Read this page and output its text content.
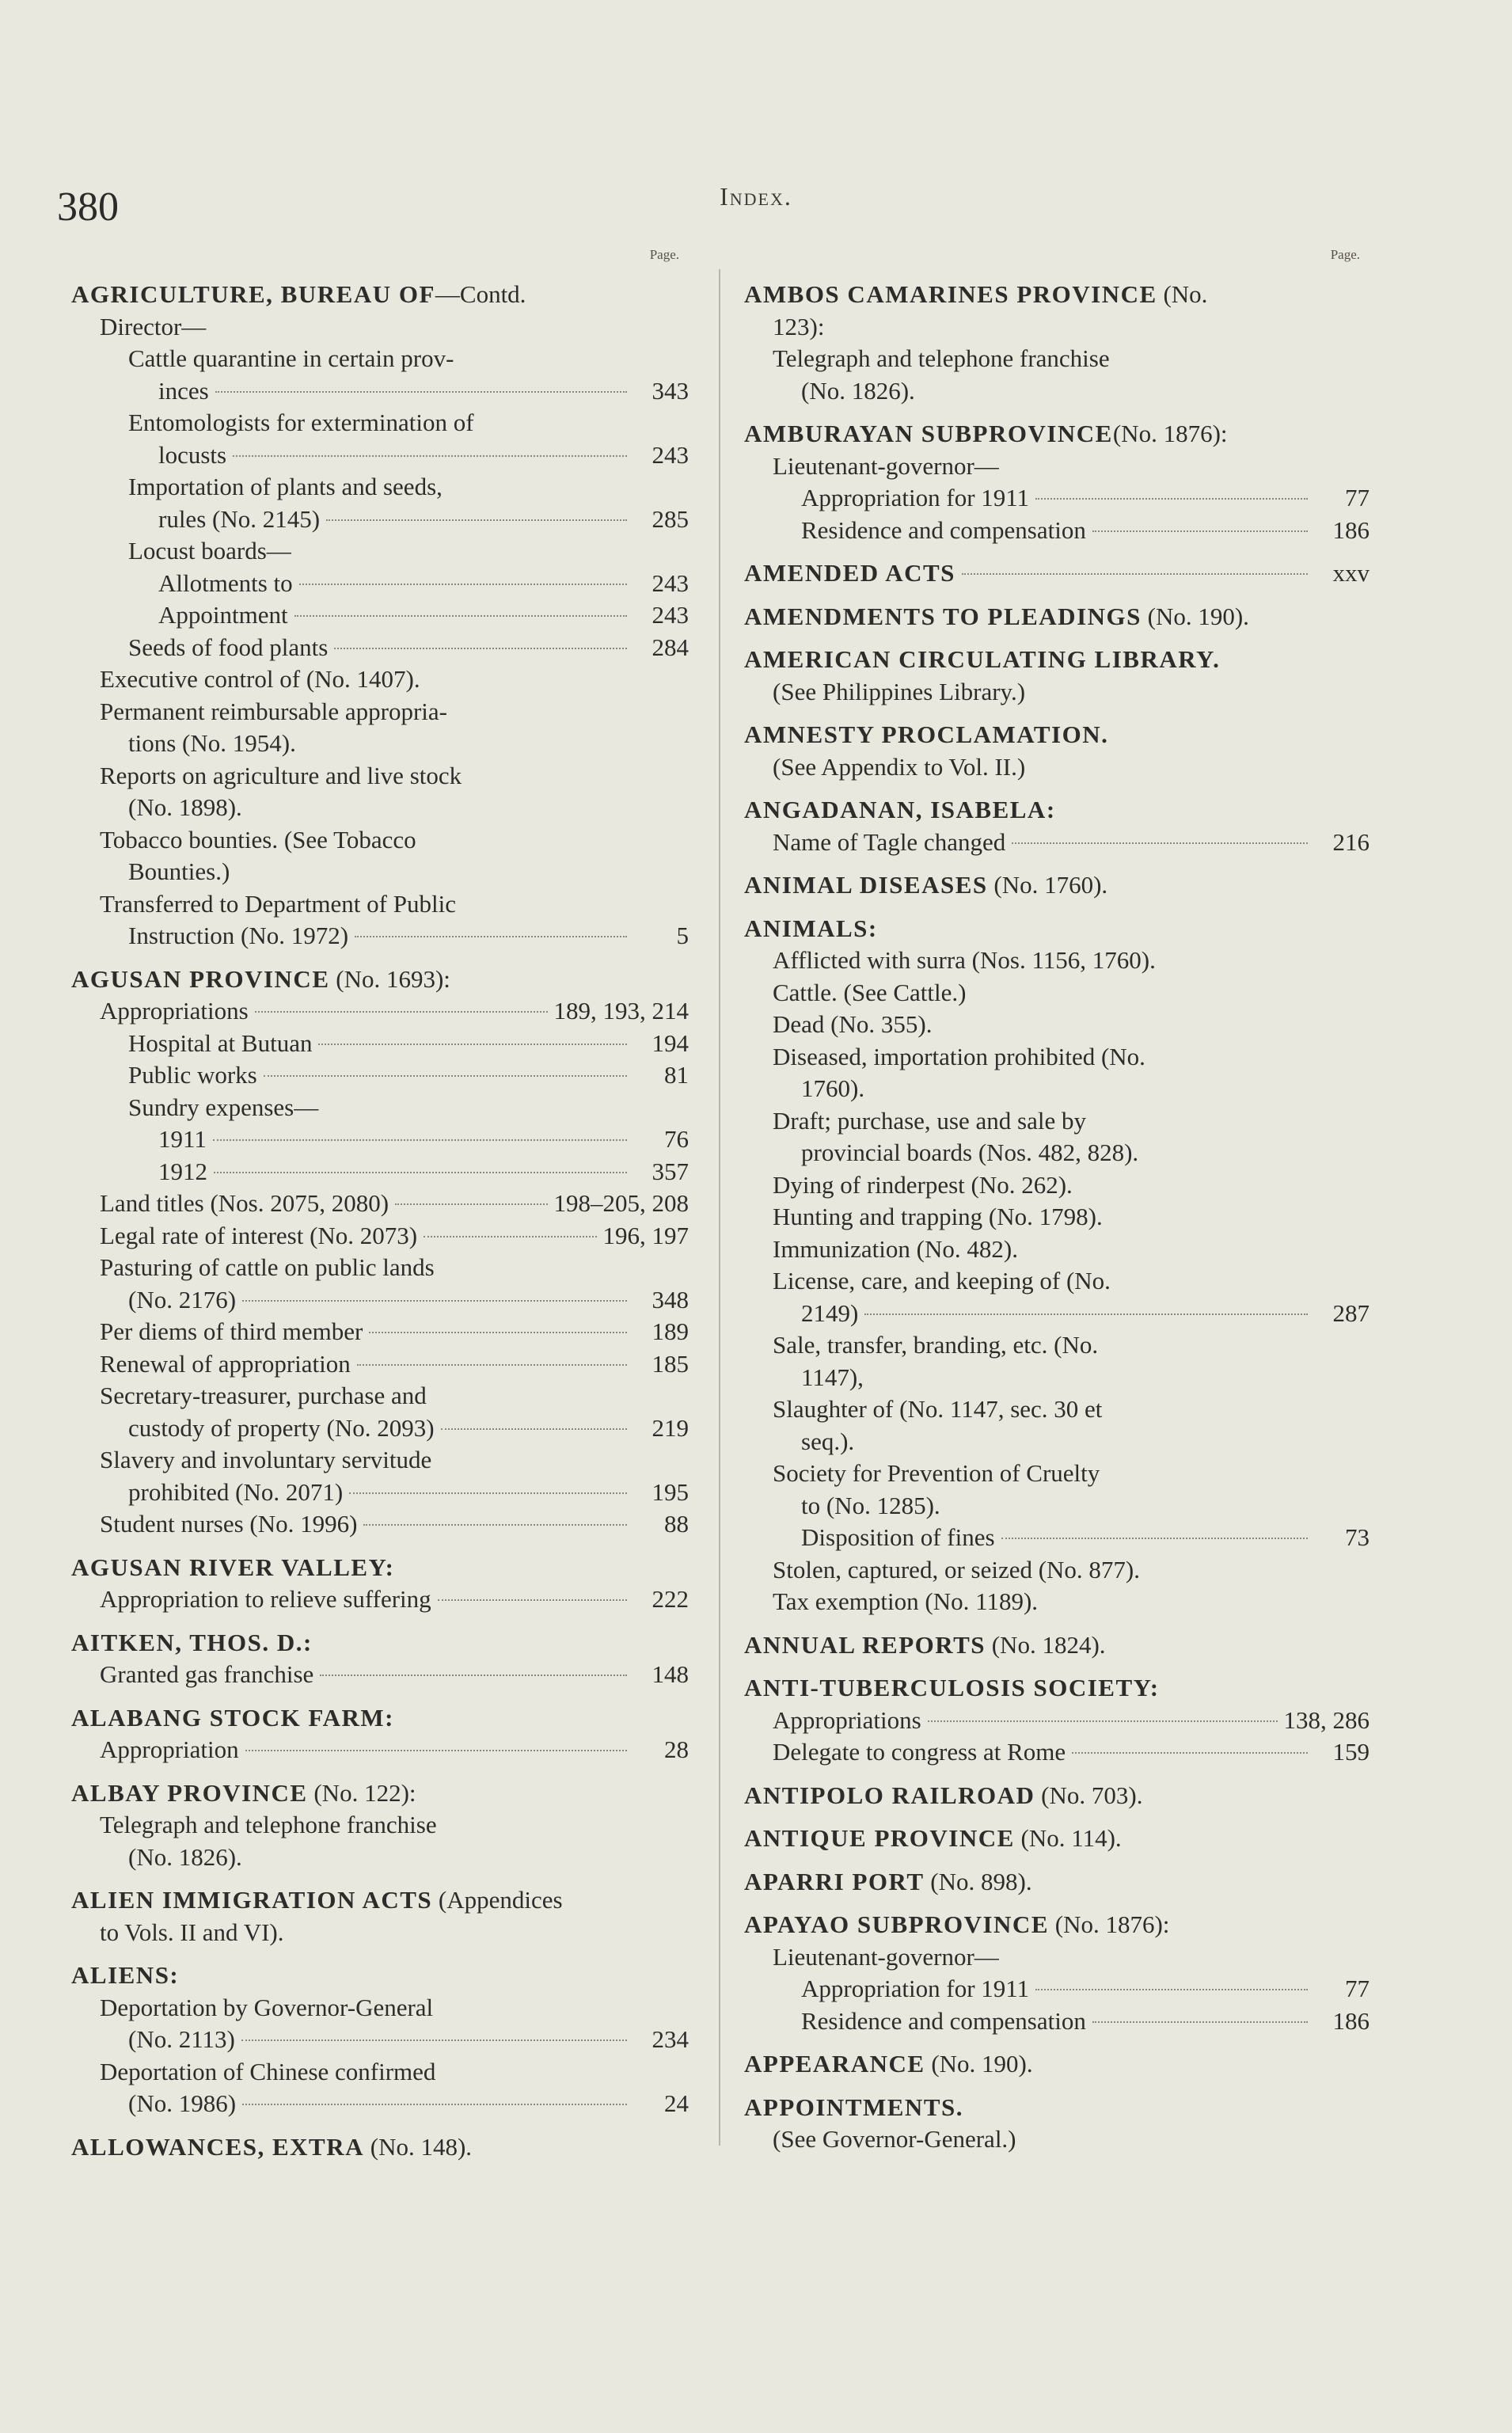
380	Index.
Page.
AGRICULTURE, BUREAU OF —Contd.
Director—
Cattle quarantine in certain prov-
inces	343
Entomologists for extermination of
locusts	243
Importation of plants and seeds,
rules (No. 2145)	285
Locust boards—
Allotments to	243
Appointment	243
Seeds of food plants	284
Executive control of (No. 1407).
Permanent reimbursable appropria-
tions (No. 1954).
Reports on agriculture and live stock
(No. 1898).
Tobacco bounties. (See Tobacco
Bounties.)
Transferred to Department of Public
Instruction (No. 1972)	5
AGUSAN PROVINCE (No. 1693):
Appropriations	189, 193, 214
Hospital at Butuan	194
Public works	81
Sundry expenses—
1911	76
1912	357
Land titles (Nos. 2075, 2080)	198–205, 208
Legal rate of interest (No. 2073)	196, 197
Pasturing of cattle on public lands
(No. 2176)	348
Per diems of third member	189
Renewal of appropriation	185
Secretary-treasurer, purchase and
custody of property (No. 2093)	219
Slavery and involuntary servitude
prohibited (No. 2071)	195
Student nurses (No. 1996)	88
AGUSAN RIVER VALLEY:
Appropriation to relieve suffering	222
AITKEN, THOS. D.:
Granted gas franchise	148
ALABANG STOCK FARM:
Appropriation	28
ALBAY PROVINCE (No. 122):
Telegraph and telephone franchise
(No. 1826).
ALIEN IMMIGRATION ACTS (Appendices
to Vols. II and VI).
ALIENS:
Deportation by Governor-General
(No. 2113)	234
Deportation of Chinese confirmed
(No. 1986)	24
ALLOWANCES, EXTRA (No. 148).
Page.
AMBOS CAMARINES PROVINCE (No.
123):
Telegraph and telephone franchise
(No. 1826).
AMBURAYAN SUBPROVINCE (No. 1876):
Lieutenant-governor—
Appropriation for 1911	77
Residence and compensation	186
AMENDED ACTS	xxv
AMENDMENTS TO PLEADINGS (No. 190).
AMERICAN CIRCULATING LIBRARY.
(See Philippines Library.)
AMNESTY PROCLAMATION.
(See Appendix to Vol. II.)
ANGADANAN, ISABELA:
Name of Tagle changed	216
ANIMAL DISEASES (No. 1760).
ANIMALS:
Afflicted with surra (Nos. 1156, 1760).
Cattle. (See Cattle.)
Dead (No. 355).
Diseased, importation prohibited (No.
1760).
Draft; purchase, use and sale by
provincial boards (Nos. 482, 828).
Dying of rinderpest (No. 262).
Hunting and trapping (No. 1798).
Immunization (No. 482).
License, care, and keeping of (No.
2149)	287
Sale, transfer, branding, etc. (No.
1147),
Slaughter of (No. 1147, sec. 30 et
seq.).
Society for Prevention of Cruelty
to (No. 1285).
Disposition of fines	73
Stolen, captured, or seized (No. 877).
Tax exemption (No. 1189).
ANNUAL REPORTS (No. 1824).
ANTI-TUBERCULOSIS SOCIETY:
Appropriations	138, 286
Delegate to congress at Rome	159
ANTIPOLO RAILROAD (No. 703).
ANTIQUE PROVINCE (No. 114).
APARRI PORT (No. 898).
APAYAO SUBPROVINCE (No. 1876):
Lieutenant-governor—
Appropriation for 1911	77
Residence and compensation	186
APPEARANCE (No. 190).
APPOINTMENTS.
(See Governor-General.)
